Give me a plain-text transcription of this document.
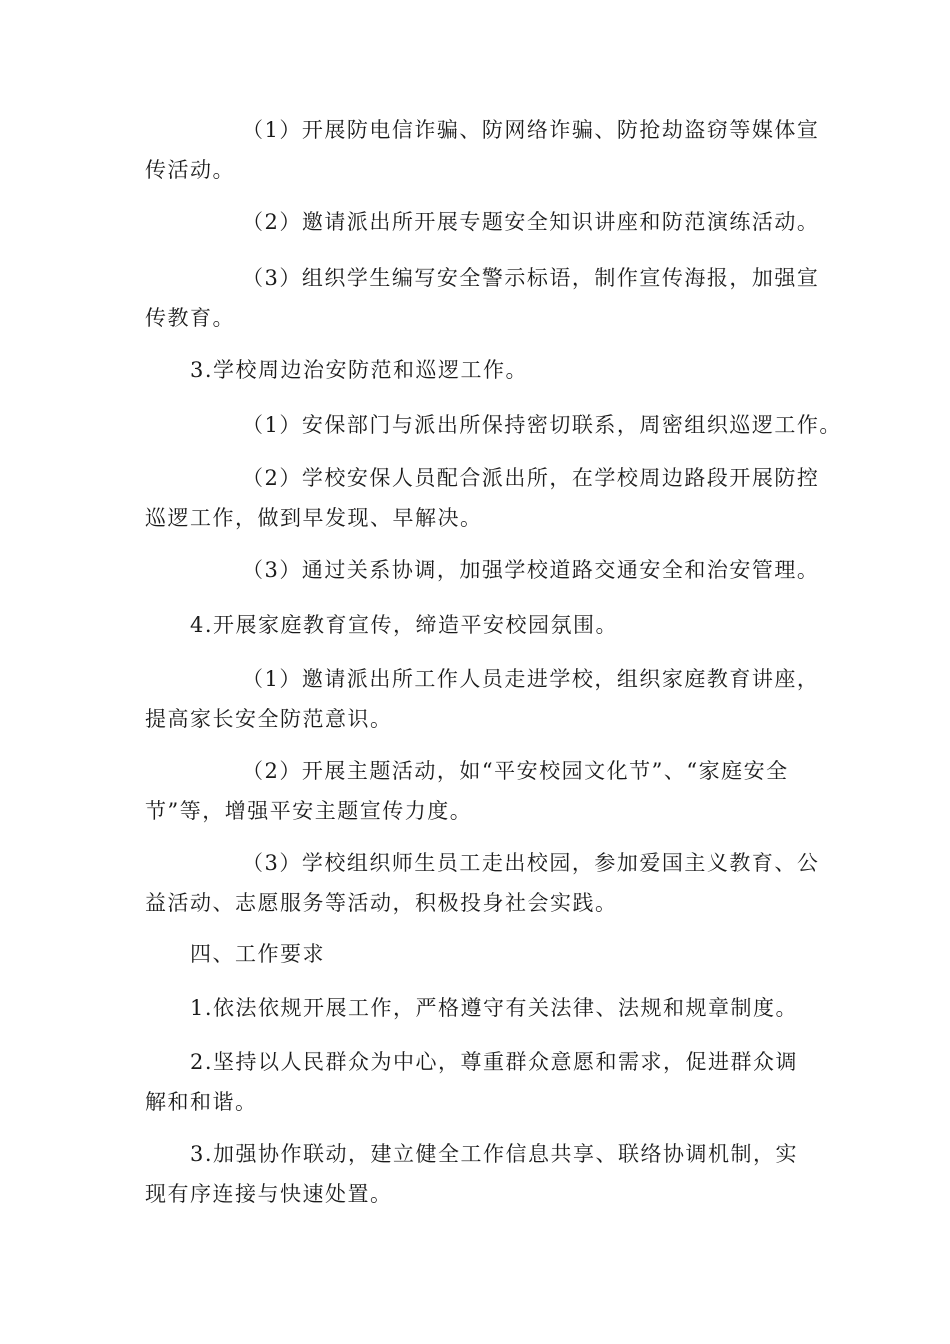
（1）开展防电信诈骗、防网络诈骗、防抢劫盗窃等媒体宣
传活动。
（2）邀请派出所开展专题安全知识讲座和防范演练活动。
（3）组织学生编写安全警示标语，制作宣传海报，加强宣
传教育。
3.学校周边治安防范和巡逻工作。
（1）安保部门与派出所保持密切联系，周密组织巡逻工作。
（2）学校安保人员配合派出所，在学校周边路段开展防控
巡逻工作，做到早发现、早解决。
（3）通过关系协调，加强学校道路交通安全和治安管理。
4.开展家庭教育宣传，缔造平安校园氛围。
（1）邀请派出所工作人员走进学校，组织家庭教育讲座，
提高家长安全防范意识。
（2）开展主题活动，如“平安校园文化节”、“家庭安全
节”等，增强平安主题宣传力度。
（3）学校组织师生员工走出校园，参加爱国主义教育、公
益活动、志愿服务等活动，积极投身社会实践。
四、工作要求
1.依法依规开展工作，严格遵守有关法律、法规和规章制度。
2.坚持以人民群众为中心，尊重群众意愿和需求，促进群众调
解和和谐。
3.加强协作联动，建立健全工作信息共享、联络协调机制，实
现有序连接与快速处置。
